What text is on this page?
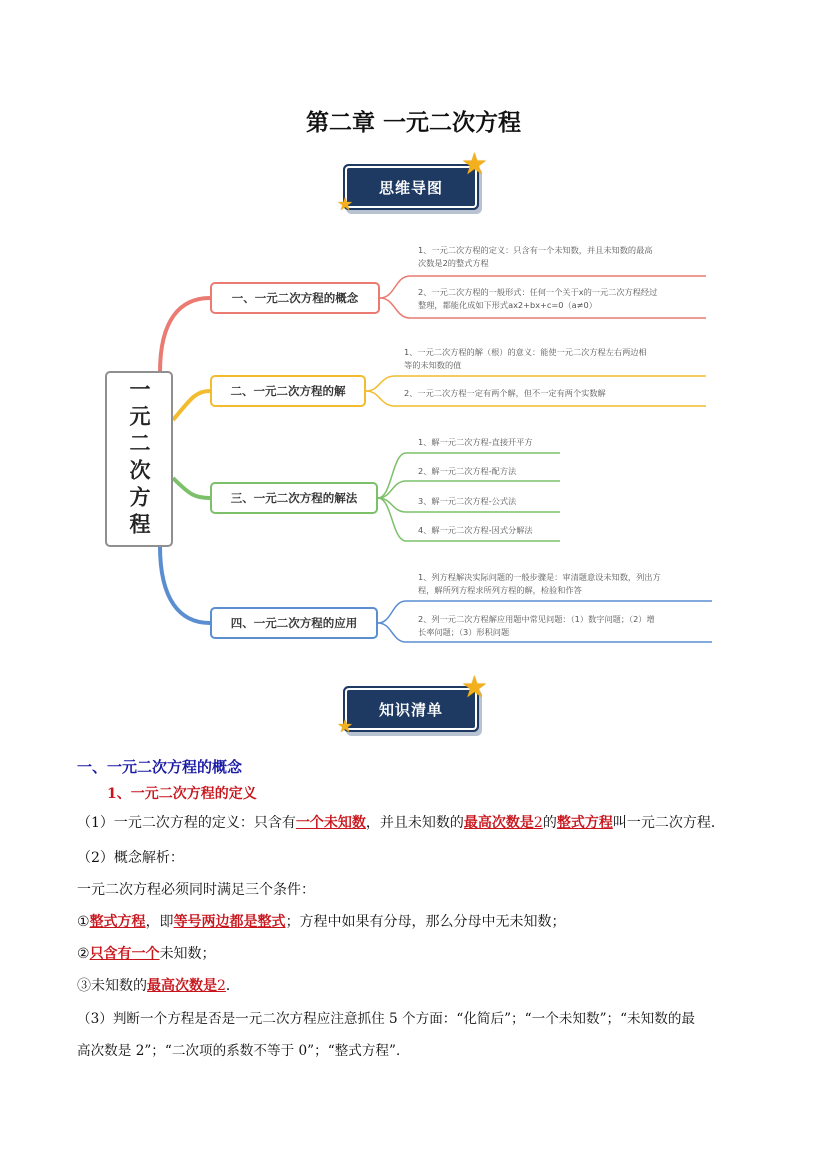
第二章 一元二次方程
思维导图
★
★
一元二次方程
一、一元二次方程的概念
二、一元二次方程的解
三、一元二次方程的解法
四、一元二次方程的应用
1、一元二次方程的定义：只含有一个未知数，并且未知数的最高
次数是2的整式方程
2、一元二次方程的一般形式：任何一个关于x的一元二次方程经过
整理，都能化成如下形式ax2+bx+c=0（a≠0）
1、一元二次方程的解（根）的意义：能使一元二次方程左右两边相
等的未知数的值
2、一元二次方程一定有两个解，但不一定有两个实数解
1、解一元二次方程-直接开平方
2、解一元二次方程-配方法
3、解一元二次方程-公式法
4、解一元二次方程-因式分解法
1、列方程解决实际问题的一般步骤是：审清题意设未知数，列出方
程，解所列方程求所列方程的解，检验和作答
2、列一元二次方程解应用题中常见问题：（1）数字问题；（2）增
长率问题；（3）形积问题
知识清单
★
★
一、一元二次方程的概念
1、一元二次方程的定义
（1）一元二次方程的定义：只含有一个未知数，并且未知数的最高次数是2的整式方程叫一元二次方程．
（2）概念解析：
一元二次方程必须同时满足三个条件：
①整式方程，即等号两边都是整式；方程中如果有分母，那么分母中无未知数；
②只含有一个未知数；
③未知数的最高次数是2．
（3）判断一个方程是否是一元二次方程应注意抓住 5 个方面：“化简后”；“一个未知数”；“未知数的最
高次数是 2”；“二次项的系数不等于 0”；“整式方程”．
